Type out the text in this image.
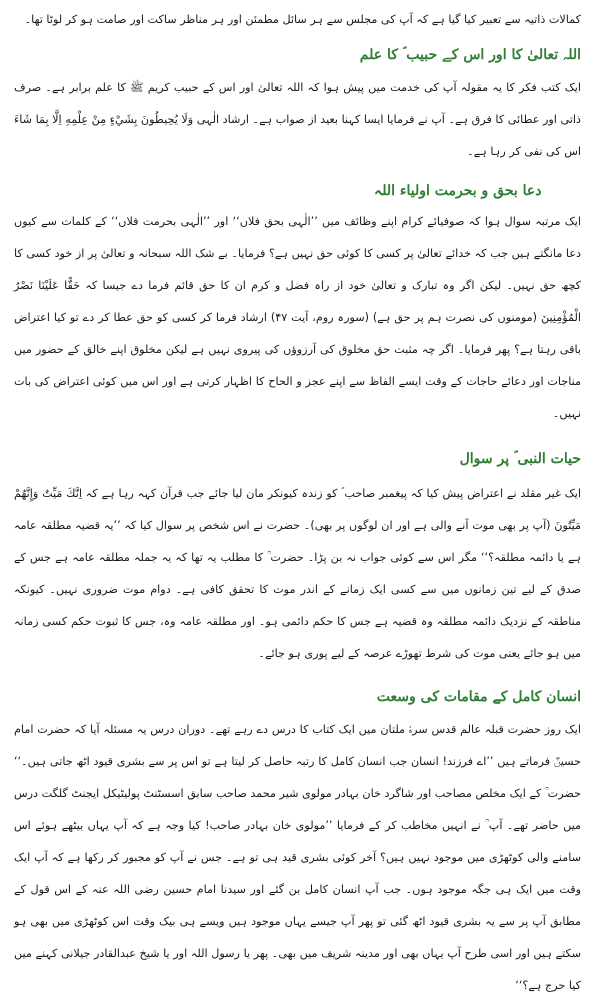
کمالات ذاتیہ سے تعبیر کیا گیا ہے کہ آپ کی مجلس سے ہر سائل مطمئن اور ہر مناظر ساکت اور صامت ہو کر لوٹا تھا۔

اللہ تعالیٰ کا اور اس کے حبیب ؐ کا علم

ایک کتب فکر کا یہ مقولہ آپ کی خدمت میں پیش ہوا کہ اللہ تعالیٰ اور اس کے حبیب کریم ﷺ کا علم برابر ہے۔ صرف ذاتی اور عطائی کا فرق ہے۔ آپ نے فرمایا ایسا کہنا بعید از صواب ہے۔ ارشاد الٰہی وَلَا يُحِيطُونَ بِشَيْءٍ مِنْ عِلْمِهِ اِلَّا بِمَا شَاءَ اس کی نفی کر رہا ہے۔

دعا بحق و بحرمت اولیاء اللہ

ایک مرتبہ سوال ہوا کہ صوفیائے کرام اپنے وظائف میں ’’الٰہی بحق فلاں‘‘ اور ’’الٰہی بحرمت فلاں‘‘ کے کلمات سے کیوں دعا مانگتے ہیں جب کہ خدائے تعالیٰ پر کسی کا کوئی حق نہیں ہے؟ فرمایا۔ بے شک اللہ سبحانہ و تعالیٰ پر از خود کسی کا کچھ حق نہیں۔ لیکن اگر وہ تبارک و تعالیٰ خود از راہ فضل و کرم ان کا حق قائم فرما دے جیسا کہ حَقًّا عَلَيْنَا نَصْرُ الْمُؤْمِنِينَ (مومنوں کی نصرت ہم پر حق ہے) (سورہ روم، آیت ۴۷) ارشاد فرما کر کسی کو حق عطا کر دے تو کیا اعتراض باقی رہتا ہے؟ پھر فرمایا۔ اگر چہ مثبت حق مخلوق کی آرزوؤں کی پیروی نہیں ہے لیکن مخلوق اپنے خالق کے حضور میں مناجات اور دعائے حاجات کے وقت ایسے الفاظ سے اپنے عجز و الحاح کا اظہار کرتی ہے اور اس میں کوئی اعتراض کی بات نہیں۔

حیات النبی ؐ پر سوال

ایک غیر مقلد نے اعتراض پیش کیا کہ پیغمبر صاحب ؐ کو زندہ کیونکر مان لیا جائے جب قرآن کہہ رہا ہے کہ اِنَّكَ مَيِّتٌ وَإِنَّهُمْ مَيِّتُونَ (آپ پر بھی موت آنے والی ہے اور ان لوگوں پر بھی)۔ حضرت نے اس شخص پر سوال کیا کہ ’’یہ قضیہ مطلقہ عامہ ہے یا دائمہ مطلقہ؟‘‘ مگر اس سے کوئی جواب نہ بن پڑا۔ حضرت ؒ کا مطلب یہ تھا کہ یہ جملہ مطلقہ عامہ ہے جس کے صدق کے لیے تین زمانوں میں سے کسی ایک زمانے کے اندر موت کا تحقق کافی ہے۔ دوام موت ضروری نہیں۔ کیونکہ مناطقہ کے نزدیک دائمہ مطلقہ وہ قضیہ ہے جس کا حکم دائمی ہو۔ اور مطلقہ عامہ وہ، جس کا ثبوت حکم کسی زمانہ میں ہو جائے یعنی موت کی شرط تھوڑے عرصہ کے لیے پوری ہو جائے۔

انسان کامل کے مقامات کی وسعت

ایک روز حضرت قبلہ عالم قدس سرہٗ ملتان میں ایک کتاب کا درس دے رہے تھے۔ دوران درس یہ مسئلہ آیا کہ حضرت امام حسینؓ فرماتے ہیں ’’اے فرزند! انسان جب انسان کامل کا رتبہ حاصل کر لیتا ہے تو اس پر سے بشری قیود اٹھ جاتی ہیں۔‘‘ حضرت ؒ کے ایک مخلص مصاحب اور شاگرد خان بہادر مولوی شیر محمد صاحب سابق اسسٹنٹ پولیٹیکل ایجنٹ گلگت درس میں حاضر تھے۔ آپ ؒ نے انہیں مخاطب کر کے فرمایا ’’مولوی خان بہادر صاحب! کیا وجہ ہے کہ آپ یہاں بیٹھے ہوئے اس سامنے والی کوٹھڑی میں موجود نہیں ہیں؟ آخر کوئی بشری قید ہی تو ہے۔ جس نے آپ کو مجبور کر رکھا ہے کہ آپ ایک وقت میں ایک ہی جگہ موجود ہوں۔ جب آپ انسان کامل بن گئے اور سیدنا امام حسین رضی اللہ عنہ کے اس قول کے مطابق آپ پر سے یہ بشری قیود اٹھ گئی تو پھر آپ جیسے یہاں موجود ہیں ویسے ہی بیک وقت اس کوٹھڑی میں بھی ہو سکتے ہیں اور اسی طرح آپ یہاں بھی اور مدینہ شریف میں بھی۔ پھر یا رسول اللہ اور یا شیخ عبدالقادر جیلانی کہنے میں کیا حرج ہے؟‘‘
